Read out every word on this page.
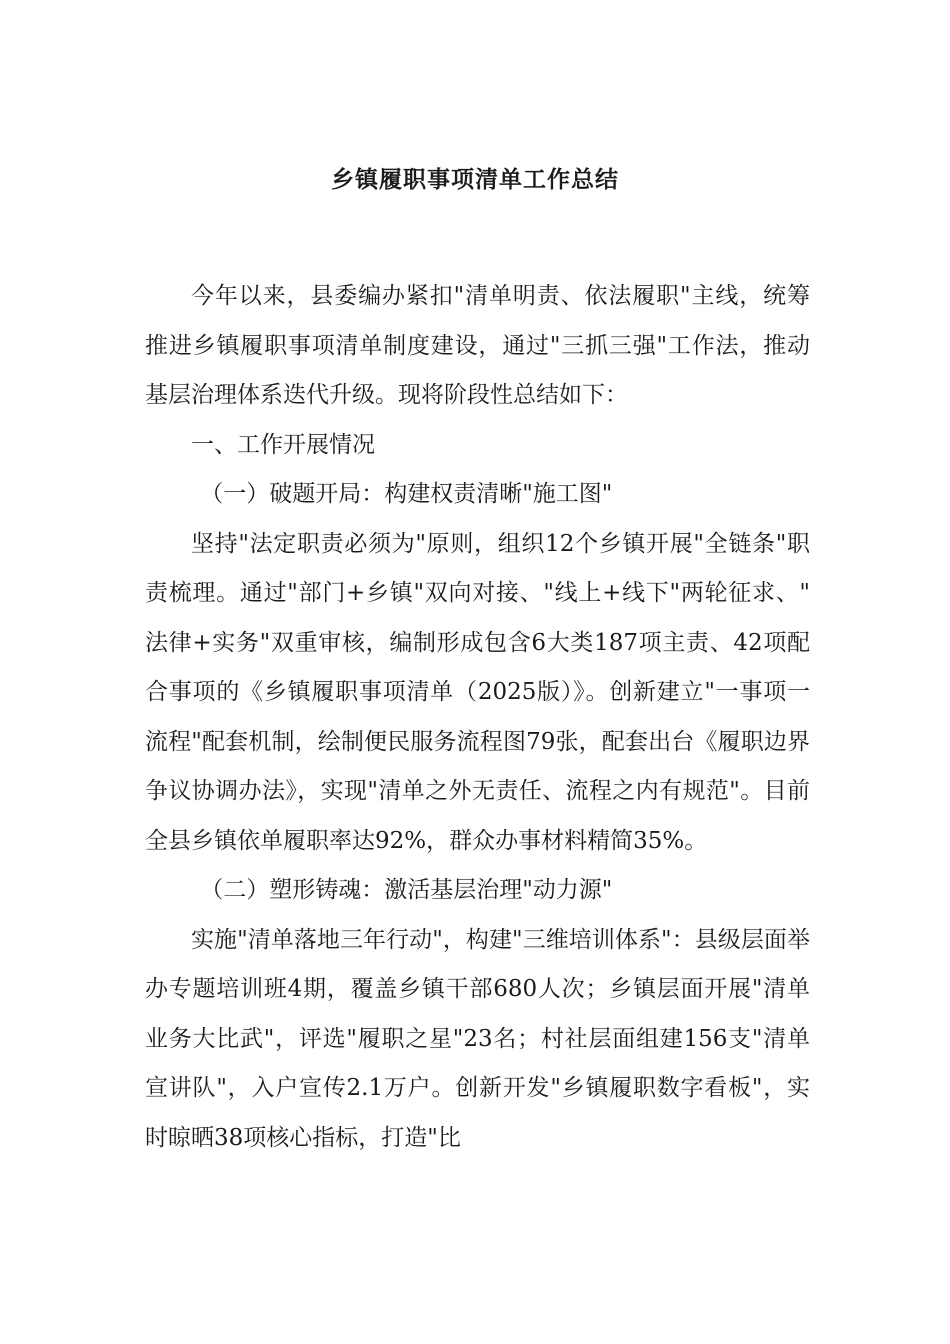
乡镇履职事项清单工作总结

今年以来，县委编办紧扣"清单明责、依法履职"主线，统筹推进乡镇履职事项清单制度建设，通过"三抓三强"工作法，推动基层治理体系迭代升级。现将阶段性总结如下：

一、工作开展情况

（一）破题开局：构建权责清晰"施工图"

坚持"法定职责必须为"原则，组织12个乡镇开展"全链条"职责梳理。通过"部门+乡镇"双向对接、"线上+线下"两轮征求、"法律+实务"双重审核，编制形成包含6大类187项主责、42项配合事项的《乡镇履职事项清单（2025版）》。创新建立"一事项一流程"配套机制，绘制便民服务流程图79张，配套出台《履职边界争议协调办法》，实现"清单之外无责任、流程之内有规范"。目前全县乡镇依单履职率达92%，群众办事材料精简35%。

（二）塑形铸魂：激活基层治理"动力源"

实施"清单落地三年行动"，构建"三维培训体系"：县级层面举办专题培训班4期，覆盖乡镇干部680人次；乡镇层面开展"清单业务大比武"，评选"履职之星"23名；村社层面组建156支"清单宣讲队"，入户宣传2.1万户。创新开发"乡镇履职数字看板"，实时晾晒38项核心指标，打造"比
